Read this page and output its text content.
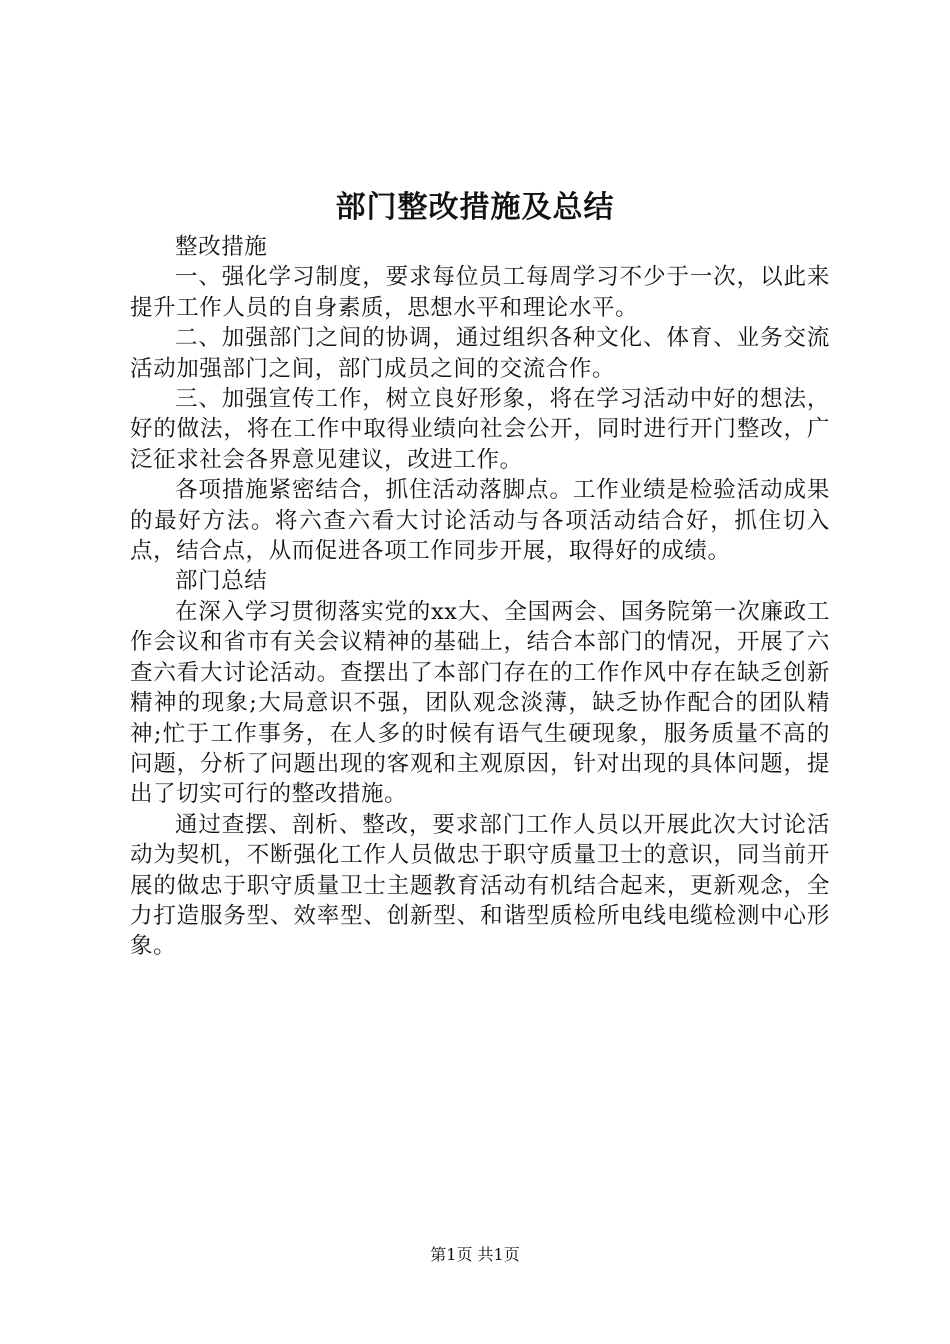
部门整改措施及总结

整改措施

一、强化学习制度，要求每位员工每周学习不少于一次，以此来提升工作人员的自身素质，思想水平和理论水平。

二、加强部门之间的协调，通过组织各种文化、体育、业务交流活动加强部门之间，部门成员之间的交流合作。

三、加强宣传工作，树立良好形象，将在学习活动中好的想法，好的做法，将在工作中取得业绩向社会公开，同时进行开门整改，广泛征求社会各界意见建议，改进工作。

各项措施紧密结合，抓住活动落脚点。工作业绩是检验活动成果的最好方法。将六查六看大讨论活动与各项活动结合好，抓住切入点，结合点，从而促进各项工作同步开展，取得好的成绩。

部门总结

在深入学习贯彻落实党的xx大、全国两会、国务院第一次廉政工作会议和省市有关会议精神的基础上，结合本部门的情况，开展了六查六看大讨论活动。查摆出了本部门存在的工作作风中存在缺乏创新精神的现象;大局意识不强，团队观念淡薄，缺乏协作配合的团队精神;忙于工作事务，在人多的时候有语气生硬现象，服务质量不高的问题，分析了问题出现的客观和主观原因，针对出现的具体问题，提出了切实可行的整改措施。

通过查摆、剖析、整改，要求部门工作人员以开展此次大讨论活动为契机，不断强化工作人员做忠于职守质量卫士的意识，同当前开展的做忠于职守质量卫士主题教育活动有机结合起来，更新观念，全力打造服务型、效率型、创新型、和谐型质检所电线电缆检测中心形象。

第1页 共1页
